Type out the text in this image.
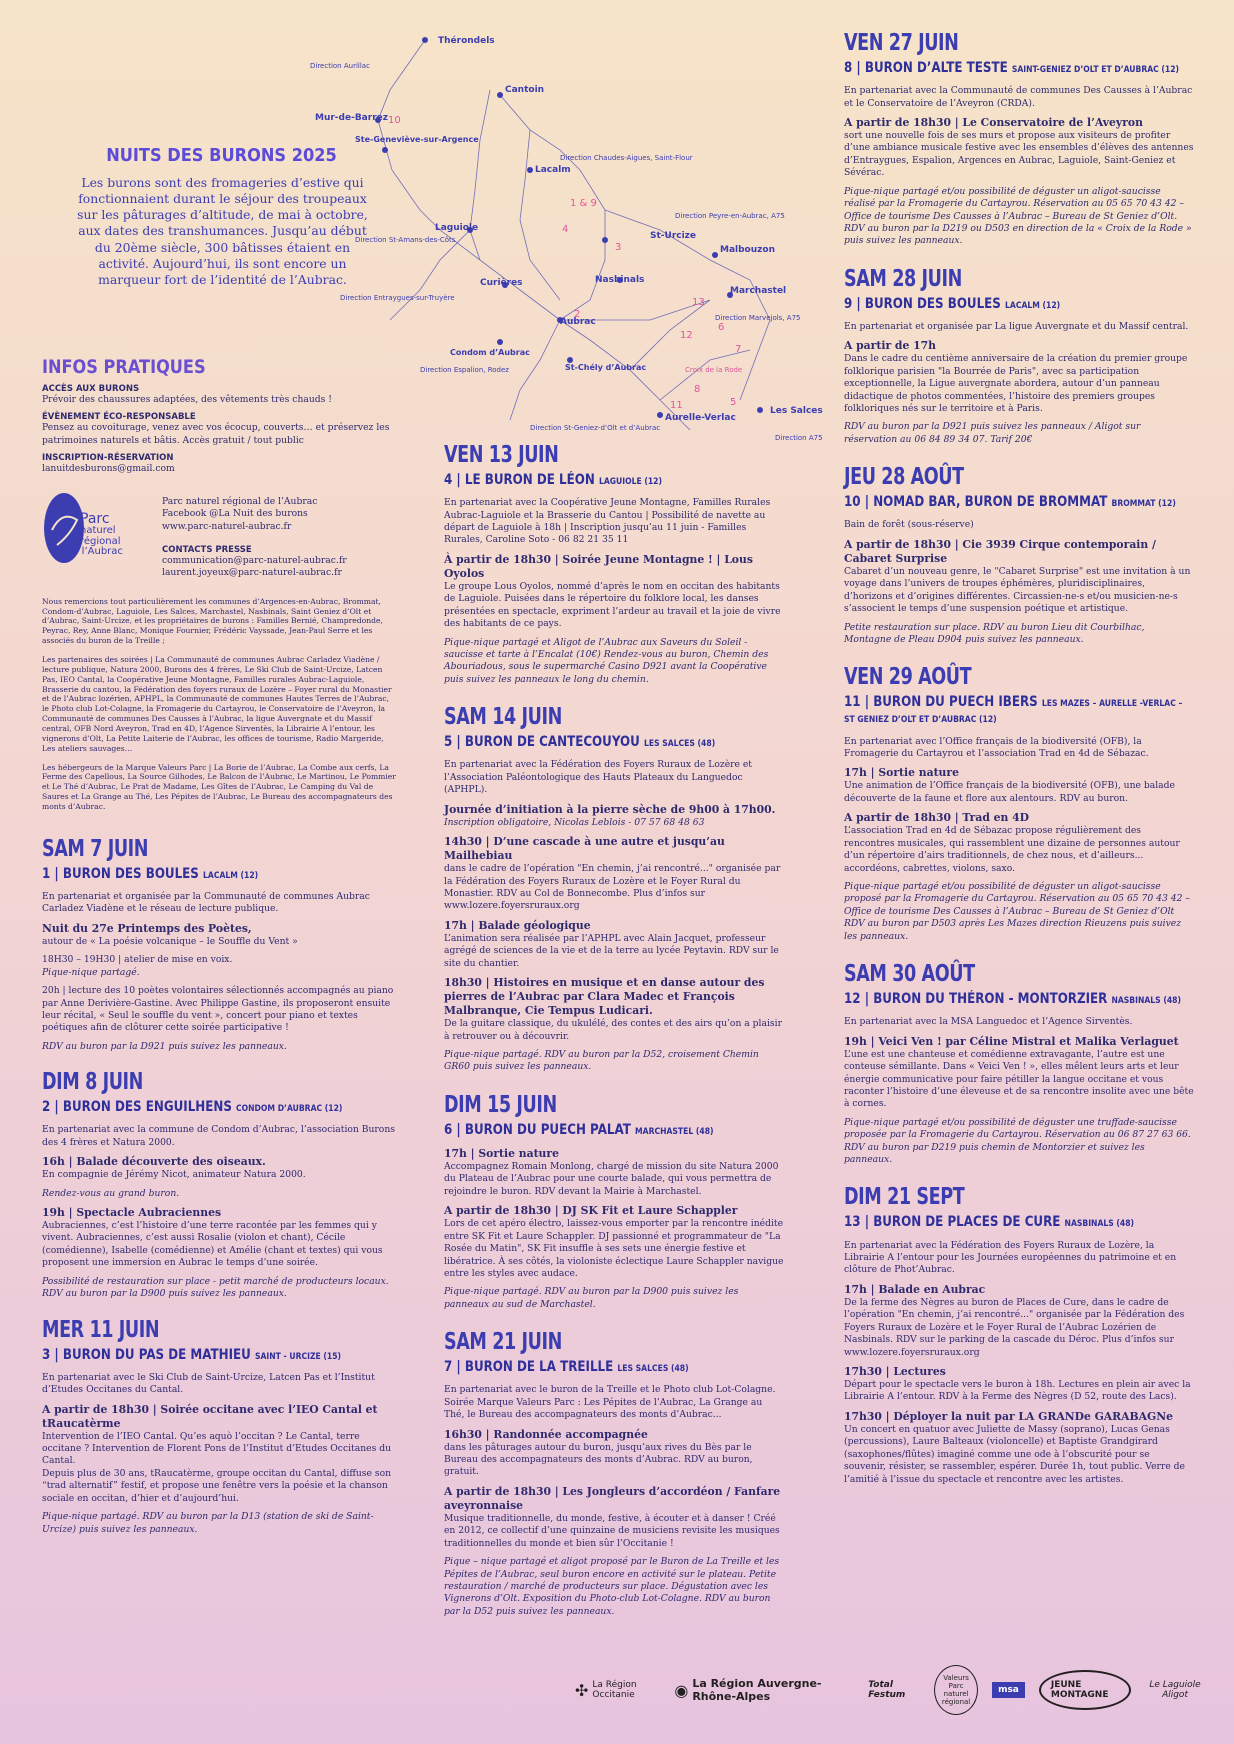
NUITS DES BURONS 2025
Les burons sont des fromageries d’estive qui fonctionnaient durant le séjour des troupeaux sur les pâturages d’altitude, de mai à octobre, aux dates des transhumances. Jusqu’au début du 20ème siècle, 300 bâtisses étaient en activité. Aujourd’hui, ils sont encore un marqueur fort de l’identité de l’Aubrac.
Thérondels
Direction Aurillac
Mur-de-Barrez
Cantoin
Ste-Geneviève-sur-Argence
Direction Chaudes-Aigues, Saint-Flour
Lacalm
Direction St-Amans-des-Côts
Laguiole
St-Urcize
Direction Peyre-en-Aubrac, A75
Malbouzon
Curières	Nasbinals
Marchastel
Direction Entraygues-sur-Truyère
Aubrac	Direction Marvejols, A75
Condom d’Aubrac
St-Chély d’Aubrac
Direction Espalion, Rodez	Croix de la Rode
Aurelle-Verlac
Les Salces
Direction St-Geniez-d’Olt et d’Aubrac
Direction A75
10
1 & 9
4
3
13
2
12
6
5
7
8
11
INFOS PRATIQUES
ACCÈS AUX BURONS

Prévoir des chaussures adaptées, des vêtements très chauds !

ÉVÈNEMENT ÉCO-RESPONSABLE

Pensez au covoiturage, venez avec vos écocup, couverts… et préservez les patrimoines naturels et bâtis. Accès gratuit / tout public

INSCRIPTION-RÉSERVATION

lanuitdesburons@gmail.com

Parc
naturel
régional
de l’Aubrac

Parc naturel régional de l’Aubrac

Facebook @La Nuit des burons

www.parc-naturel-aubrac.fr

CONTACTS PRESSE

communication@parc-naturel-aubrac.fr

laurent.joyeux@parc-naturel-aubrac.fr

Nous remercions tout particulièrement les communes d’Argences-en-Aubrac, Brommat, Condom-d’Aubrac, Laguiole, Les Salces, Marchastel, Nasbinals, Saint Geniez d’Olt et d’Aubrac, Saint-Urcize, et les propriétaires de burons : Familles Bernié, Champredonde, Peyrac, Rey, Anne Blanc, Monique Fournier, Frédéric Vayssade, Jean-Paul Serre et les associés du buron de la Treille ;

Les partenaires des soirées | La Communauté de communes Aubrac Carladez Viadène / lecture publique, Natura 2000, Burons des 4 frères, Le Ski Club de Saint-Urcize, Latcen Pas, IEO Cantal, la Coopérative Jeune Montagne, Familles rurales Aubrac-Laguiole, Brasserie du cantou, la Fédération des foyers ruraux de Lozère – Foyer rural du Monastier et de l’Aubrac lozérien, APHPL, la Communauté de communes Hautes Terres de l’Aubrac, le Photo club Lot-Colagne, la Fromagerie du Cartayrou, le Conservatoire de l’Aveyron, la Communauté de communes Des Causses à l’Aubrac, la ligue Auvergnate et du Massif central, OFB Nord Aveyron, Trad en 4D, l’Agence Sirventès, la Librairie A l’entour, les vignerons d’Olt, La Petite Laiterie de l’Aubrac, les offices de tourisme, Radio Margeride, Les ateliers sauvages…

Les hébergeurs de la Marque Valeurs Parc | La Borie de l’Aubrac, La Combe aux cerfs, La Ferme des Capellous, La Source Gilhodes, Le Balcon de l’Aubrac, Le Martinou, Le Pommier et Le Thé d’Aubrac, Le Prat de Madame, Les Gîtes de l’Aubrac, Le Camping du Val de Saures et La Grange au Thé, Les Pépites de l’Aubrac, Le Bureau des accompagnateurs des monts d’Aubrac.

SAM 7 JUIN
1 | BURON DES BOULES LACALM (12)

En partenariat et organisée par la Communauté de communes Aubrac Carladez Viadène et le réseau de lecture publique.

Nuit du 27e Printemps des Poètes,

autour de « La poésie volcanique – le Souffle du Vent »

18H30 – 19H30 | atelier de mise en voix.

Pique-nique partagé.

20h | lecture des 10 poètes volontaires sélectionnés accompagnés au piano par Anne Derivière-Gastine. Avec Philippe Gastine, ils proposeront ensuite leur récital, « Seul le souffle du vent », concert pour piano et textes poétiques afin de clôturer cette soirée participative !

RDV au buron par la D921 puis suivez les panneaux.

DIM 8 JUIN
2 | BURON DES ENGUILHENS CONDOM D’AUBRAC (12)

En partenariat avec la commune de Condom d’Aubrac, l’association Burons des 4 frères et Natura 2000.

16h | Balade découverte des oiseaux.

En compagnie de Jérémy Nicot, animateur Natura 2000.

Rendez-vous au grand buron.

19h | Spectacle Aubraciennes

Aubraciennes, c’est l’histoire d’une terre racontée par les femmes qui y vivent. Aubraciennes, c’est aussi Rosalie (violon et chant), Cécile (comédienne), Isabelle (comédienne) et Amélie (chant et textes) qui vous proposent une immersion en Aubrac le temps d’une soirée.

Possibilité de restauration sur place - petit marché de producteurs locaux. RDV au buron par la D900 puis suivez les panneaux.

MER 11 JUIN
3 | BURON DU PAS DE MATHIEU SAINT - URCIZE (15)

En partenariat avec le Ski Club de Saint-Urcize, Latcen Pas et l’Institut d’Etudes Occitanes du Cantal.

A partir de 18h30 | Soirée occitane avec l’IEO Cantal et tRaucatèrme

Intervention de l’IEO Cantal. Qu’es aquò l’occitan ? Le Cantal, terre occitane ? Intervention de Florent Pons de l’Institut d’Etudes Occitanes du Cantal.

Depuis plus de 30 ans, tRaucatèrme, groupe occitan du Cantal, diffuse son “trad alternatif” festif, et propose une fenêtre vers la poésie et la chanson sociale en occitan, d’hier et d’aujourd’hui.

Pique-nique partagé. RDV au buron par la D13 (station de ski de Saint-Urcize) puis suivez les panneaux.

VEN 13 JUIN
4 | LE BURON DE LÉON LAGUIOLE (12)

En partenariat avec la Coopérative Jeune Montagne, Familles Rurales Aubrac-Laguiole et la Brasserie du Cantou | Possibilité de navette au départ de Laguiole à 18h | Inscription jusqu’au 11 juin - Familles Rurales, Caroline Soto - 06 82 21 35 11

À partir de 18h30 | Soirée Jeune Montagne ! | Lous Oyolos

Le groupe Lous Oyolos, nommé d’après le nom en occitan des habitants de Laguiole. Puisées dans le répertoire du folklore local, les danses présentées en spectacle, expriment l’ardeur au travail et la joie de vivre des habitants de ce pays.

Pique-nique partagé et Aligot de l’Aubrac aux Saveurs du Soleil - saucisse et tarte à l’Encalat (10€) Rendez-vous au buron, Chemin des Abouriadous, sous le supermarché Casino D921 avant la Coopérative puis suivez les panneaux le long du chemin.

SAM 14 JUIN
5 | BURON DE CANTECOUYOU LES SALCES (48)

En partenariat avec la Fédération des Foyers Ruraux de Lozère et l’Association Paléontologique des Hauts Plateaux du Languedoc (APHPL).

Journée d’initiation à la pierre sèche de 9h00 à 17h00.

Inscription obligatoire, Nicolas Leblois - 07 57 68 48 63

14h30 | D’une cascade à une autre et jusqu’au Mailhebiau

dans le cadre de l’opération "En chemin, j’ai rencontré..." organisée par la Fédération des Foyers Ruraux de Lozère et le Foyer Rural du Monastier. RDV au Col de Bonnecombe. Plus d’infos sur www.lozere.foyersruraux.org

17h | Balade géologique

L’animation sera réalisée par l’APHPL avec Alain Jacquet, professeur agrégé de sciences de la vie et de la terre au lycée Peytavin. RDV sur le site du chantier.

18h30 | Histoires en musique et en danse autour des pierres de l’Aubrac par Clara Madec et François Malbranque, Cie Tempus Ludicari.

De la guitare classique, du ukulélé, des contes et des airs qu’on a plaisir à retrouver ou à découvrir.

Pique-nique partagé. RDV au buron par la D52, croisement Chemin GR60 puis suivez les panneaux.

DIM 15 JUIN
6 | BURON DU PUECH PALAT MARCHASTEL (48)
17h | Sortie nature

Accompagnez Romain Monlong, chargé de mission du site Natura 2000 du Plateau de l’Aubrac pour une courte balade, qui vous permettra de rejoindre le buron. RDV devant la Mairie à Marchastel.

A partir de 18h30 | DJ SK Fit et Laure Schappler

Lors de cet apéro électro, laissez-vous emporter par la rencontre inédite entre SK Fit et Laure Schappler. DJ passionné et programmateur de "La Rosée du Matin", SK Fit insuffle à ses sets une énergie festive et libératrice. À ses côtés, la violoniste éclectique Laure Schappler navigue entre les styles avec audace.

Pique-nique partagé. RDV au buron par la D900 puis suivez les panneaux au sud de Marchastel.

SAM 21 JUIN
7 | BURON DE LA TREILLE LES SALCES (48)

En partenariat avec le buron de la Treille et le Photo club Lot-Colagne. Soirée Marque Valeurs Parc : Les Pépites de l’Aubrac, La Grange au Thé, le Bureau des accompagnateurs des monts d’Aubrac...

16h30 | Randonnée accompagnée

dans les pâturages autour du buron, jusqu’aux rives du Bès par le Bureau des accompagnateurs des monts d’Aubrac. RDV au buron, gratuit.

A partir de 18h30 | Les Jongleurs d’accordéon / Fanfare aveyronnaise

Musique traditionnelle, du monde, festive, à écouter et à danser ! Créé en 2012, ce collectif d’une quinzaine de musiciens revisite les musiques traditionnelles du monde et bien sûr l’Occitanie !

Pique – nique partagé et aligot proposé par le Buron de La Treille et les Pépites de l’Aubrac, seul buron encore en activité sur le plateau. Petite restauration / marché de producteurs sur place. Dégustation avec les Vignerons d’Olt. Exposition du Photo-club Lot-Colagne. RDV au buron par la D52 puis suivez les panneaux.

VEN 27 JUIN
8 | BURON D’ALTE TESTE SAINT-GENIEZ D’OLT ET D’AUBRAC (12)

En partenariat avec la Communauté de communes Des Causses à l’Aubrac et le Conservatoire de l’Aveyron (CRDA).

A partir de 18h30 | Le Conservatoire de l’Aveyron

sort une nouvelle fois de ses murs et propose aux visiteurs de profiter d’une ambiance musicale festive avec les ensembles d’élèves des antennes d’Entraygues, Espalion, Argences en Aubrac, Laguiole, Saint-Geniez et Sévérac.

Pique-nique partagé et/ou possibilité de déguster un aligot-saucisse réalisé par la Fromagerie du Cartayrou. Réservation au 05 65 70 43 42 – Office de tourisme Des Causses à l’Aubrac – Bureau de St Geniez d’Olt. RDV au buron par la D219 ou D503 en direction de la « Croix de la Rode » puis suivez les panneaux.

SAM 28 JUIN
9 | BURON DES BOULES LACALM (12)

En partenariat et organisée par La ligue Auvergnate et du Massif central.

A partir de 17h

Dans le cadre du centième anniversaire de la création du premier groupe folklorique parisien "la Bourrée de Paris", avec sa participation exceptionnelle, la Ligue auvergnate abordera, autour d’un panneau didactique de photos commentées, l’histoire des premiers groupes folkloriques nés sur le territoire et à Paris.

RDV au buron par la D921 puis suivez les panneaux / Aligot sur réservation au 06 84 89 34 07. Tarif 20€

JEU 28 AOÛT
10 | NOMAD BAR, BURON DE BROMMAT BROMMAT (12)

Bain de forêt (sous-réserve)

A partir de 18h30 | Cie 3939 Cirque contemporain / Cabaret Surprise

Cabaret d’un nouveau genre, le "Cabaret Surprise" est une invitation à un voyage dans l’univers de troupes éphémères, pluridisciplinaires, d’horizons et d’origines différentes. Circassien-ne-s et/ou musicien-ne-s s’associent le temps d’une suspension poétique et artistique.

Petite restauration sur place. RDV au buron Lieu dit Courbilhac, Montagne de Pleau D904 puis suivez les panneaux.

VEN 29 AOÛT
11 | BURON DU PUECH IBERS LES MAZES – AURELLE -VERLAC – ST GENIEZ D’OLT ET D’AUBRAC (12)

En partenariat avec l’Office français de la biodiversité (OFB), la Fromagerie du Cartayrou et l’association Trad en 4d de Sébazac.

17h | Sortie nature

Une animation de l’Office français de la biodiversité (OFB), une balade découverte de la faune et flore aux alentours. RDV au buron.

A partir de 18h30 | Trad en 4D

L’association Trad en 4d de Sébazac propose régulièrement des rencontres musicales, qui rassemblent une dizaine de personnes autour d’un répertoire d’airs traditionnels, de chez nous, et d’ailleurs... accordéons, cabrettes, violons, saxo.

Pique-nique partagé et/ou possibilité de déguster un aligot-saucisse proposé par la Fromagerie du Cartayrou. Réservation au 05 65 70 43 42 – Office de tourisme Des Causses à l’Aubrac – Bureau de St Geniez d’Olt RDV au buron par D503 après Les Mazes direction Rieuzens puis suivez les panneaux.

SAM 30 AOÛT
12 | BURON DU THÉRON - MONTORZIER NASBINALS (48)

En partenariat avec la MSA Languedoc et l’Agence Sirventès.

19h | Veici Ven ! par Céline Mistral et Malika Verlaguet

L’une est une chanteuse et comédienne extravagante, l’autre est une conteuse sémillante. Dans « Veici Ven ! », elles mêlent leurs arts et leur énergie communicative pour faire pétiller la langue occitane et vous raconter l’histoire d’une éleveuse et de sa rencontre insolite avec une bête à cornes.

Pique-nique partagé et/ou possibilité de déguster une truffade-saucisse proposée par la Fromagerie du Cartayrou. Réservation au 06 87 27 63 66. RDV au buron par D219 puis chemin de Montorzier et suivez les panneaux.

DIM 21 SEPT
13 | BURON DE PLACES DE CURE NASBINALS (48)

En partenariat avec la Fédération des Foyers Ruraux de Lozère, la Librairie A l’entour pour les Journées européennes du patrimoine et en clôture de Phot’Aubrac.

17h | Balade en Aubrac

De la ferme des Nègres au buron de Places de Cure, dans le cadre de l’opération "En chemin, j’ai rencontré..." organisée par la Fédération des Foyers Ruraux de Lozère et le Foyer Rural de l’Aubrac Lozérien de Nasbinals. RDV sur le parking de la cascade du Déroc. Plus d’infos sur www.lozere.foyersruraux.org

17h30 | Lectures

Départ pour le spectacle vers le buron à 18h. Lectures en plein air avec la Librairie A l’entour. RDV à la Ferme des Nègres (D 52, route des Lacs).

17h30 | Déployer la nuit par LA GRANDe GARABAGNe

Un concert en quatuor avec Juliette de Massy (soprano), Lucas Genas (percussions), Laure Balteaux (violoncelle) et Baptiste Grandgirard (saxophones/flûtes) imaginé comme une ode à l’obscurité pour se souvenir, résister, se rassembler, espérer. Durée 1h, tout public. Verre de l’amitié à l’issue du spectacle et rencontre avec les artistes.

✣ La Région Occitanie	◉ La Région Auvergne-Rhône-Alpes
Total Festum
Valeurs Parc naturel régional
msa	JEUNE MONTAGNE
Le Laguiole Aligot
